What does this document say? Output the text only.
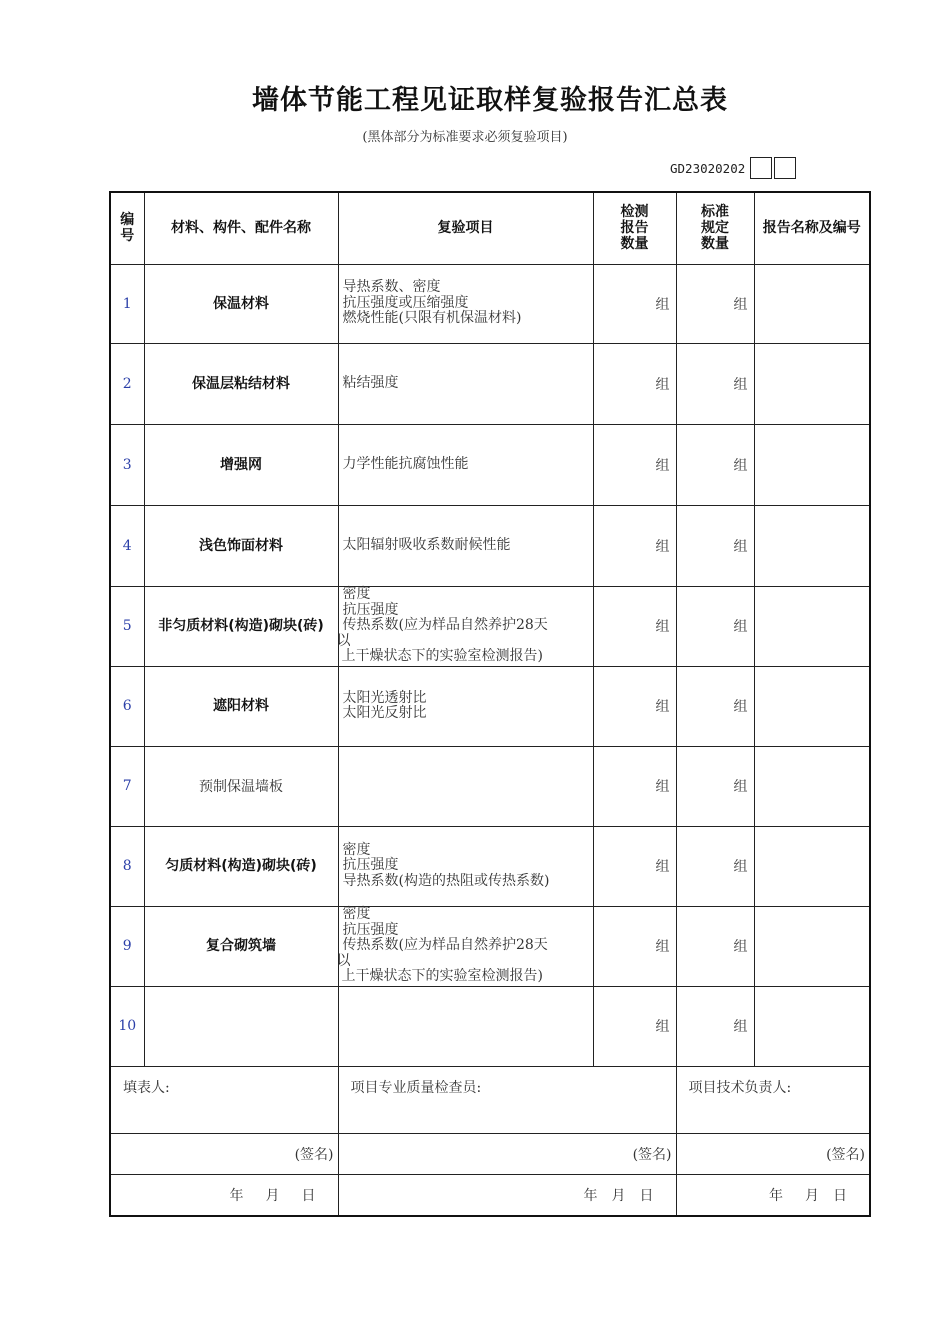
墙体节能工程见证取样复验报告汇总表
(黑体部分为标准要求必须复验项目)
GD23020202
编号	材料、构件、配件名称	复验项目	检测报告数量	标准规定数量	报告名称及编号
1	保温材料	导热系数、密度
抗压强度或压缩强度
燃烧性能(只限有机保温材料)	组	组	
2	保温层粘结材料	粘结强度	组	组	
3	增强网	力学性能抗腐蚀性能	组	组	
4	浅色饰面材料	太阳辐射吸收系数耐候性能	组	组	
5	非匀质材料(构造)砌块(砖)	密度
抗压强度
传热系数(应为样品自然养护28天
以
上干燥状态下的实验室检测报告)	组	组	
6	遮阳材料	太阳光透射比
太阳光反射比	组	组	
7	预制保温墙板		组	组	
8	匀质材料(构造)砌块(砖)	密度
抗压强度
导热系数(构造的热阻或传热系数)	组	组	
9	复合砌筑墙	密度
抗压强度
传热系数(应为样品自然养护28天
以
上干燥状态下的实验室检测报告)	组	组	
10			组	组	
填表人:		项目专业质量检查员:		项目技术负责人:	
(签名)		(签名)		(签名)	
年 月 日		年 月 日		年 月 日	
